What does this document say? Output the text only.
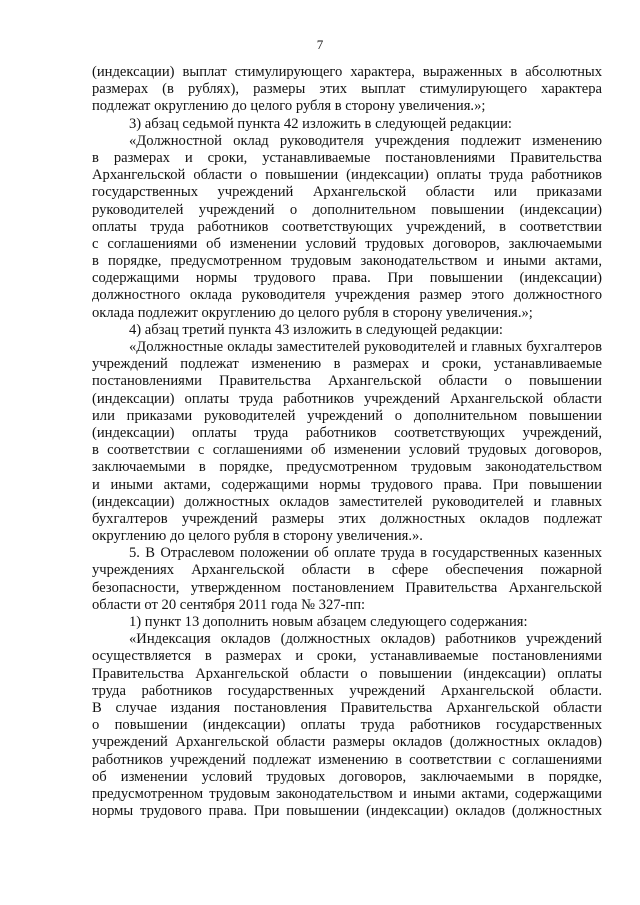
7
(индексации) выплат стимулирующего характера, выраженных в абсолютных
размерах (в рублях), размеры этих выплат стимулирующего характера
подлежат округлению до целого рубля в сторону увеличения.»;
3) абзац седьмой пункта 42 изложить в следующей редакции:
«Должностной оклад руководителя учреждения подлежит изменению
в размерах и сроки, устанавливаемые постановлениями Правительства
Архангельской области о повышении (индексации) оплаты труда работников
государственных учреждений Архангельской области или приказами
руководителей учреждений о дополнительном повышении (индексации)
оплаты труда работников соответствующих учреждений, в соответствии
с соглашениями об изменении условий трудовых договоров, заключаемыми
в порядке, предусмотренном трудовым законодательством и иными актами,
содержащими нормы трудового права. При повышении (индексации)
должностного оклада руководителя учреждения размер этого должностного
оклада подлежит округлению до целого рубля в сторону увеличения.»;
4) абзац третий пункта 43 изложить в следующей редакции:
«Должностные оклады заместителей руководителей и главных бухгалтеров
учреждений подлежат изменению в размерах и сроки, устанавливаемые
постановлениями Правительства Архангельской области о повышении
(индексации) оплаты труда работников учреждений Архангельской области
или приказами руководителей учреждений о дополнительном повышении
(индексации) оплаты труда работников соответствующих учреждений,
в соответствии с соглашениями об изменении условий трудовых договоров,
заключаемыми в порядке, предусмотренном трудовым законодательством
и иными актами, содержащими нормы трудового права. При повышении
(индексации) должностных окладов заместителей руководителей и главных
бухгалтеров учреждений размеры этих должностных окладов подлежат
округлению до целого рубля в сторону увеличения.».
5. В Отраслевом положении об оплате труда в государственных казенных
учреждениях Архангельской области в сфере обеспечения пожарной
безопасности, утвержденном постановлением Правительства Архангельской
области от 20 сентября 2011 года № 327-пп:
1) пункт 13 дополнить новым абзацем следующего содержания:
«Индексация окладов (должностных окладов) работников учреждений
осуществляется в размерах и сроки, устанавливаемые постановлениями
Правительства Архангельской области о повышении (индексации) оплаты
труда работников государственных учреждений Архангельской области.
В случае издания постановления Правительства Архангельской области
о повышении (индексации) оплаты труда работников государственных
учреждений Архангельской области размеры окладов (должностных окладов)
работников учреждений подлежат изменению в соответствии с соглашениями
об изменении условий трудовых договоров, заключаемыми в порядке,
предусмотренном трудовым законодательством и иными актами, содержащими
нормы трудового права. При повышении (индексации) окладов (должностных
